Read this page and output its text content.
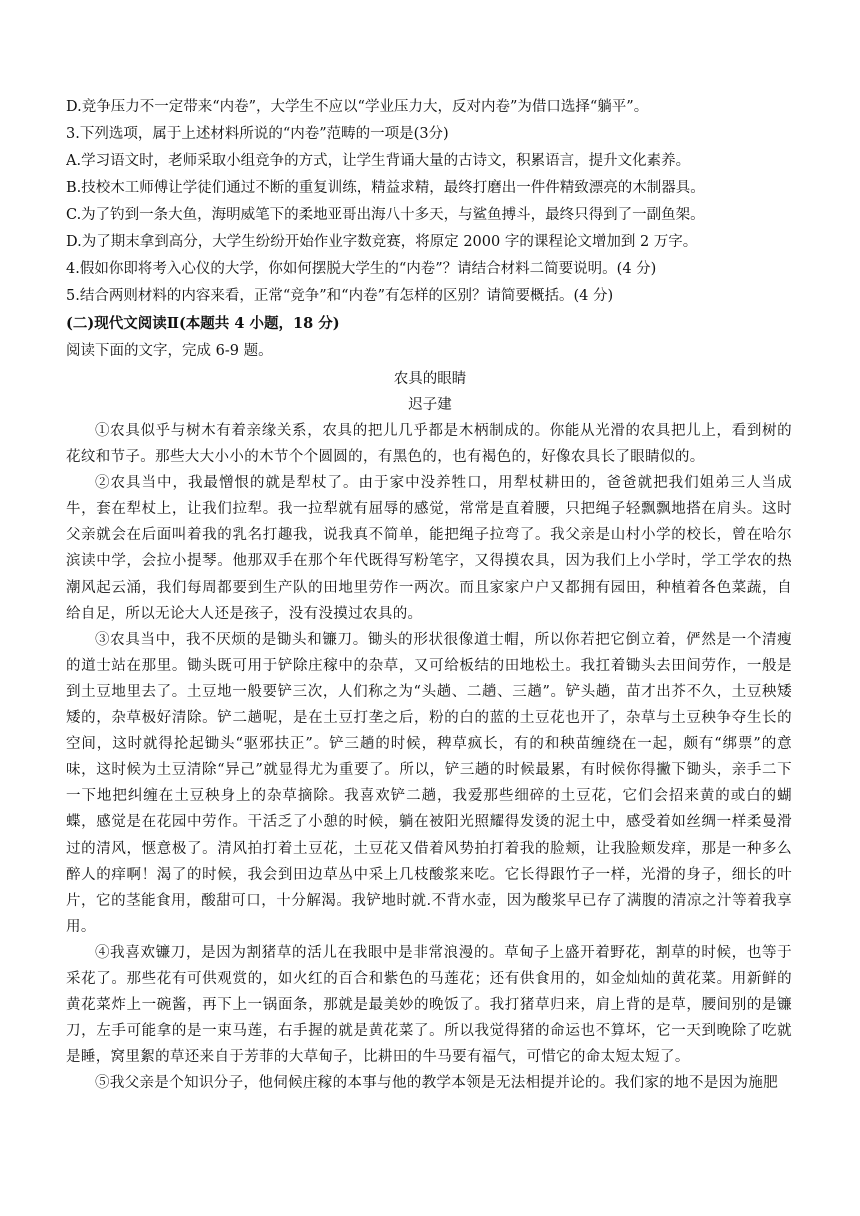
D.竞争压力不一定带来“内卷”，大学生不应以“学业压力大，反对内卷”为借口选择“躺平”。
3.下列选项，属于上述材料所说的“内卷”范畴的一项是(3分)
A.学习语文时，老师采取小组竞争的方式，让学生背诵大量的古诗文，积累语言，提升文化素养。
B.技校木工师傅让学徒们通过不断的重复训练，精益求精，最终打磨出一件件精致漂亮的木制器具。
C.为了钓到一条大鱼，海明威笔下的柔地亚哥出海八十多天，与鲨鱼搏斗，最终只得到了一副鱼架。
D.为了期末拿到高分，大学生纷纷开始作业字数竞赛，将原定 2000 字的课程论文增加到 2 万字。
4.假如你即将考入心仪的大学，你如何摆脱大学生的“内卷”？请结合材料二简要说明。(4 分)
5.结合两则材料的内容来看，正常“竞争”和“内卷”有怎样的区别？请简要概括。(4 分)
(二)现代文阅读Ⅱ(本题共 4 小题，18 分)
阅读下面的文字，完成 6-9 题。
农具的眼睛
迟子建

①农具似乎与树木有着亲缘关系，农具的把儿几乎都是木柄制成的。你能从光滑的农具把儿上，看到树的花纹和节子。那些大大小小的木节个个圆圆的，有黑色的，也有褐色的，好像农具长了眼睛似的。

②农具当中，我最憎恨的就是犁杖了。由于家中没养牲口，用犁杖耕田的，爸爸就把我们姐弟三人当成牛，套在犁杖上，让我们拉犁。我一拉犁就有屈辱的感觉，常常是直着腰，只把绳子轻飘飘地搭在肩头。这时父亲就会在后面叫着我的乳名打趣我，说我真不简单，能把绳子拉弯了。我父亲是山村小学的校长，曾在哈尔滨读中学，会拉小提琴。他那双手在那个年代既得写粉笔字，又得摸农具，因为我们上小学时，学工学农的热潮风起云涌，我们每周都要到生产队的田地里劳作一两次。而且家家户户又都拥有园田，种植着各色菜蔬，自给自足，所以无论大人还是孩子，没有没摸过农具的。

③农具当中，我不厌烦的是锄头和镰刀。锄头的形状很像道士帽，所以你若把它倒立着，俨然是一个清瘦的道士站在那里。锄头既可用于铲除庄稼中的杂草，又可给板结的田地松土。我扛着锄头去田间劳作，一般是到土豆地里去了。土豆地一般要铲三次，人们称之为“头趟、二趟、三趟”。铲头趟，苗才出芥不久，土豆秧矮矮的，杂草极好清除。铲二趟呢，是在土豆打垄之后，粉的白的蓝的土豆花也开了，杂草与土豆秧争夺生长的空间，这时就得抡起锄头“驱邪扶正”。铲三趟的时候，稗草疯长，有的和秧苗缠绕在一起，颇有“绑票”的意味，这时候为土豆清除“异己”就显得尤为重要了。所以，铲三趟的时候最累，有时候你得撇下锄头，亲手二下一下地把纠缠在土豆秧身上的杂草摘除。我喜欢铲二趟，我爱那些细碎的土豆花，它们会招来黄的或白的蝴蝶，感觉是在花园中劳作。干活乏了小憩的时候，躺在被阳光照耀得发烫的泥土中，感受着如丝绸一样柔曼滑过的清风，惬意极了。清风拍打着土豆花，土豆花又借着风势拍打着我的脸颊，让我脸颊发痒，那是一种多么醉人的痒啊！渴了的时候，我会到田边草丛中采上几枝酸浆来吃。它长得跟竹子一样，光滑的身子，细长的叶片，它的茎能食用，酸甜可口，十分解渴。我铲地时就.不背水壶，因为酸浆早已存了满腹的清凉之汁等着我享用。

④我喜欢镰刀，是因为割猪草的活儿在我眼中是非常浪漫的。草甸子上盛开着野花，割草的时候，也等于采花了。那些花有可供观赏的，如火红的百合和紫色的马莲花；还有供食用的，如金灿灿的黄花菜。用新鲜的黄花菜炸上一碗酱，再下上一锅面条，那就是最美妙的晚饭了。我打猪草归来，肩上背的是草，腰间别的是镰刀，左手可能拿的是一束马莲，右手握的就是黄花菜了。所以我觉得猪的命运也不算坏，它一天到晚除了吃就是睡，窝里絮的草还来自于芳菲的大草甸子，比耕田的牛马要有福气，可惜它的命太短太短了。

⑤我父亲是个知识分子，他伺候庄稼的本事与他的教学本领是无法相提并论的。我们家的地不是因为施肥
